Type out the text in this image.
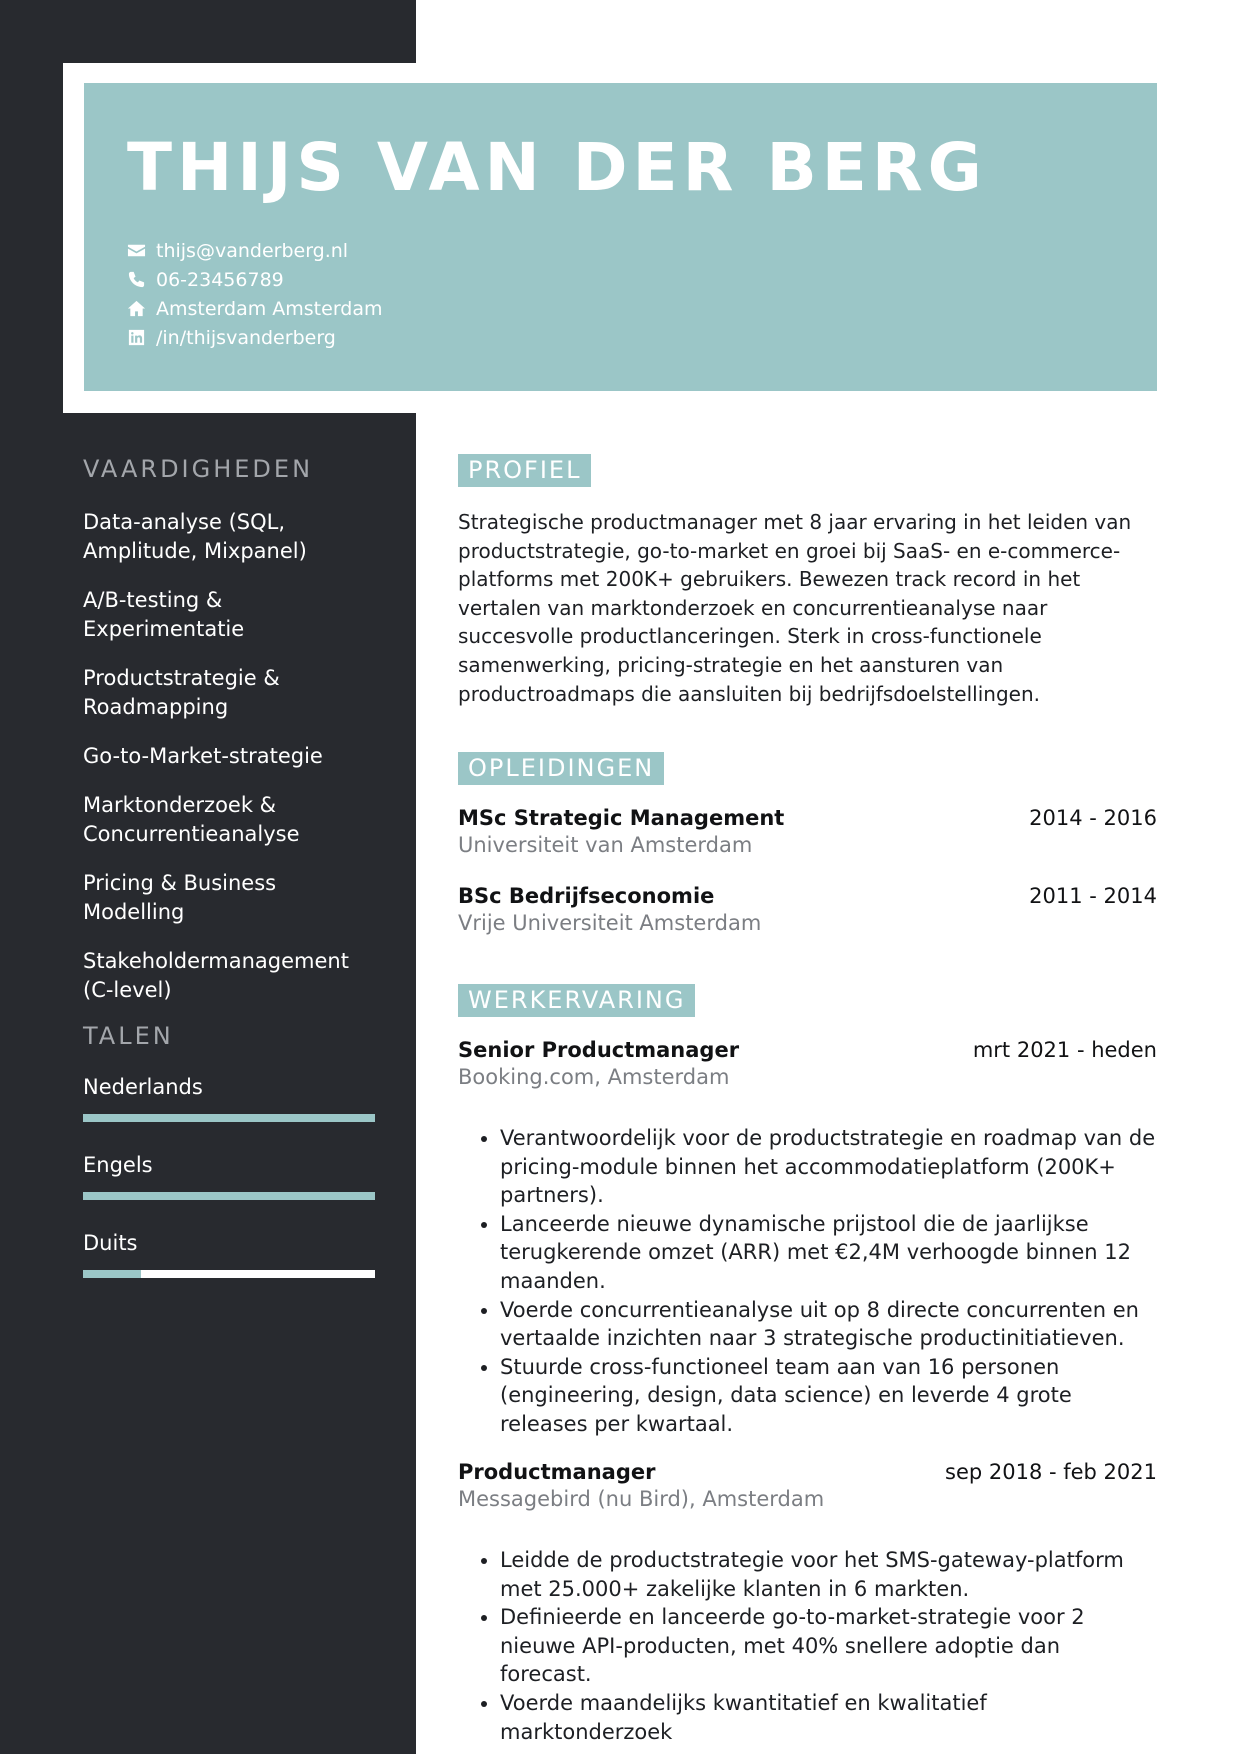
THIJS VAN DER BERG
thijs@vanderberg.nl
06-23456789
Amsterdam Amsterdam
/in/thijsvanderberg
VAARDIGHEDEN
Data-analyse (SQL, Amplitude, Mixpanel)
A/B-testing & Experimentatie
Productstrategie & Roadmapping
Go-to-Market-strategie
Marktonderzoek & Concurrentieanalyse
Pricing & Business Modelling
Stakeholdermanagement (C-level)
TALEN
Nederlands
Engels
Duits
PROFIEL

Strategische productmanager met 8 jaar ervaring in het leiden van productstrategie, go-to-market en groei bij SaaS- en e-commerce-platforms met 200K+ gebruikers. Bewezen track record in het vertalen van marktonderzoek en concurrentieanalyse naar succesvolle productlanceringen. Sterk in cross-functionele samenwerking, pricing-strategie en het aansturen van productroadmaps die aansluiten bij bedrijfsdoelstellingen.

OPLEIDINGEN
MSc Strategic Management	2014 - 2016
Universiteit van Amsterdam
BSc Bedrijfseconomie	2011 - 2014
Vrije Universiteit Amsterdam
WERKERVARING
Senior Productmanager	mrt 2021 - heden
Booking.com, Amsterdam
• Verantwoordelijk voor de productstrategie en roadmap van de pricing-module binnen het accommodatieplatform (200K+ partners).
• Lanceerde nieuwe dynamische prijstool die de jaarlijkse terugkerende omzet (ARR) met €2,4M verhoogde binnen 12 maanden.
• Voerde concurrentieanalyse uit op 8 directe concurrenten en vertaalde inzichten naar 3 strategische productinitiatieven.
• Stuurde cross-functioneel team aan van 16 personen (engineering, design, data science) en leverde 4 grote releases per kwartaal.
Productmanager	sep 2018 - feb 2021
Messagebird (nu Bird), Amsterdam
• Leidde de productstrategie voor het SMS-gateway-platform met 25.000+ zakelijke klanten in 6 markten.
• Definieerde en lanceerde go-to-market-strategie voor 2 nieuwe API-producten, met 40% snellere adoptie dan forecast.
• Voerde maandelijks kwantitatief en kwalitatief marktonderzoek
